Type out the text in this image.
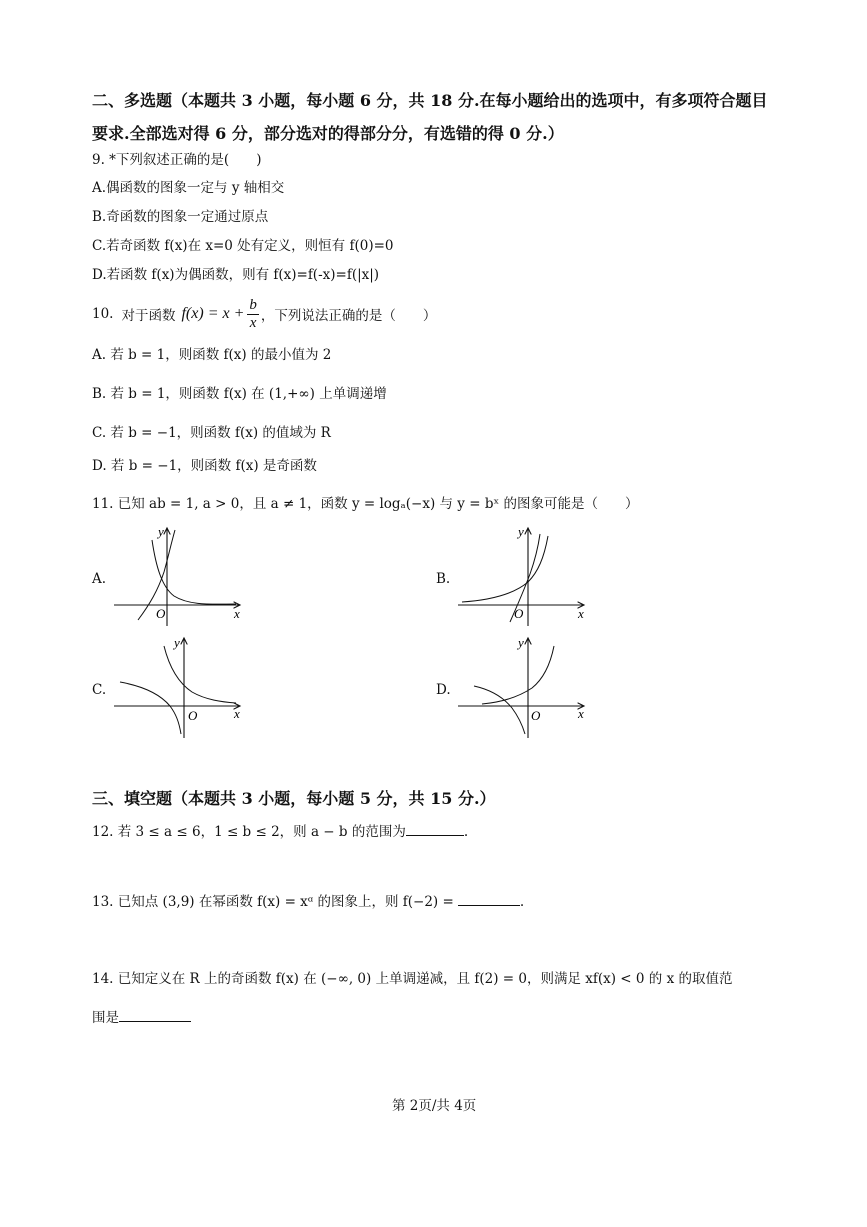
二、多选题（本题共 3 小题，每小题 6 分，共 18 分.在每小题给出的选项中，有多项符合题目
要求.全部选对得 6 分，部分选对的得部分分，有选错的得 0 分.）
9. *下列叙述正确的是(　　)
A.偶函数的图象一定与 y 轴相交
B.奇函数的图象一定通过原点
C.若奇函数 f(x)在 x=0 处有定义，则恒有 f(0)=0
D.若函数 f(x)为偶函数，则有 f(x)=f(-x)=f(|x|)
10. 对于函数 $f(x) = x + \frac{b}{x}$ ，下列说法正确的是（　　）
A. 若 b = 1，则函数 f(x) 的最小值为 2
B. 若 b = 1，则函数 f(x) 在 (1,+∞) 上单调递增
C. 若 b = −1，则函数 f(x) 的值域为 R
D. 若 b = −1，则函数 f(x) 是奇函数
11. 已知 ab = 1, a > 0，且 a ≠ 1，函数 y = logₐ(−x) 与 y = bˣ 的图象可能是（　　）
A.	B.
C.	D.
O	x
y
O	x
y
O	x
y
O	x
y
三、填空题（本题共 3 小题，每小题 5 分，共 15 分.）
12. 若 3 ≤ a ≤ 6，1 ≤ b ≤ 2，则 a − b 的范围为	.
13. 已知点 (3,9) 在幂函数 f(x) = xᵅ 的图象上，则 f(−2) =	.
14. 已知定义在 R 上的奇函数 f(x) 在 (−∞, 0) 上单调递减，且 f(2) = 0，则满足 xf(x) < 0 的 x 的取值范
围是
第 2页/共 4页
